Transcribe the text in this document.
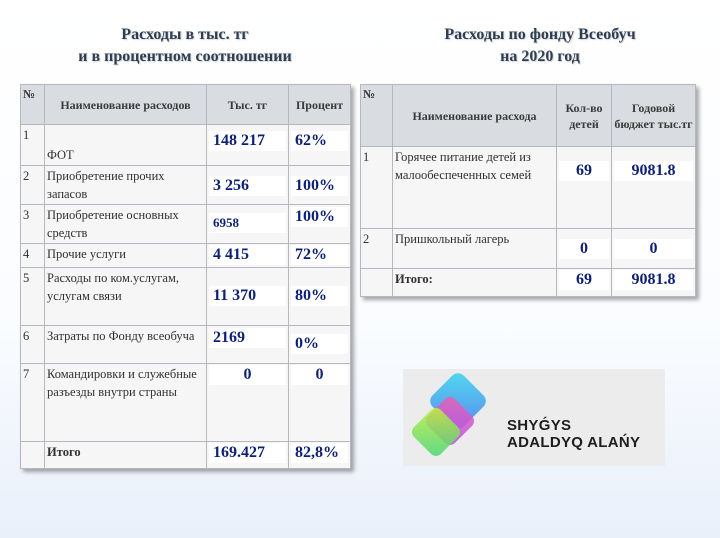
Расходы в тыс. тг
и в процентном соотношении
Расходы по фонду Всеобуч
на 2020 год
№	Наименование расходов	Тыс. тг	Процент
1	ФОТ	148 217	62%

2	Приобретение прочих запасов	3 256	100%

3	Приобретение основных средств	6958	100%

4	Прочие услуги	4 415	72%

5	Расходы по ком.услугам, услугам связи	11 370	80%

6	Затраты по Фонду всеобуча	2169	0%

7	Командировки и служебные разъезды внутри страны	0	0

	Итого	169.427	82,8%
№	Наименование расхода	Кол-во детей	Годовой бюджет тыс.тг
1	Горячее питание детей из малообеспеченных семей	69	9081.8

2	Пришкольный лагерь	0	0

	Итого:	69	9081.8
SHYǴYS
ADALDYQ ALAŃY
